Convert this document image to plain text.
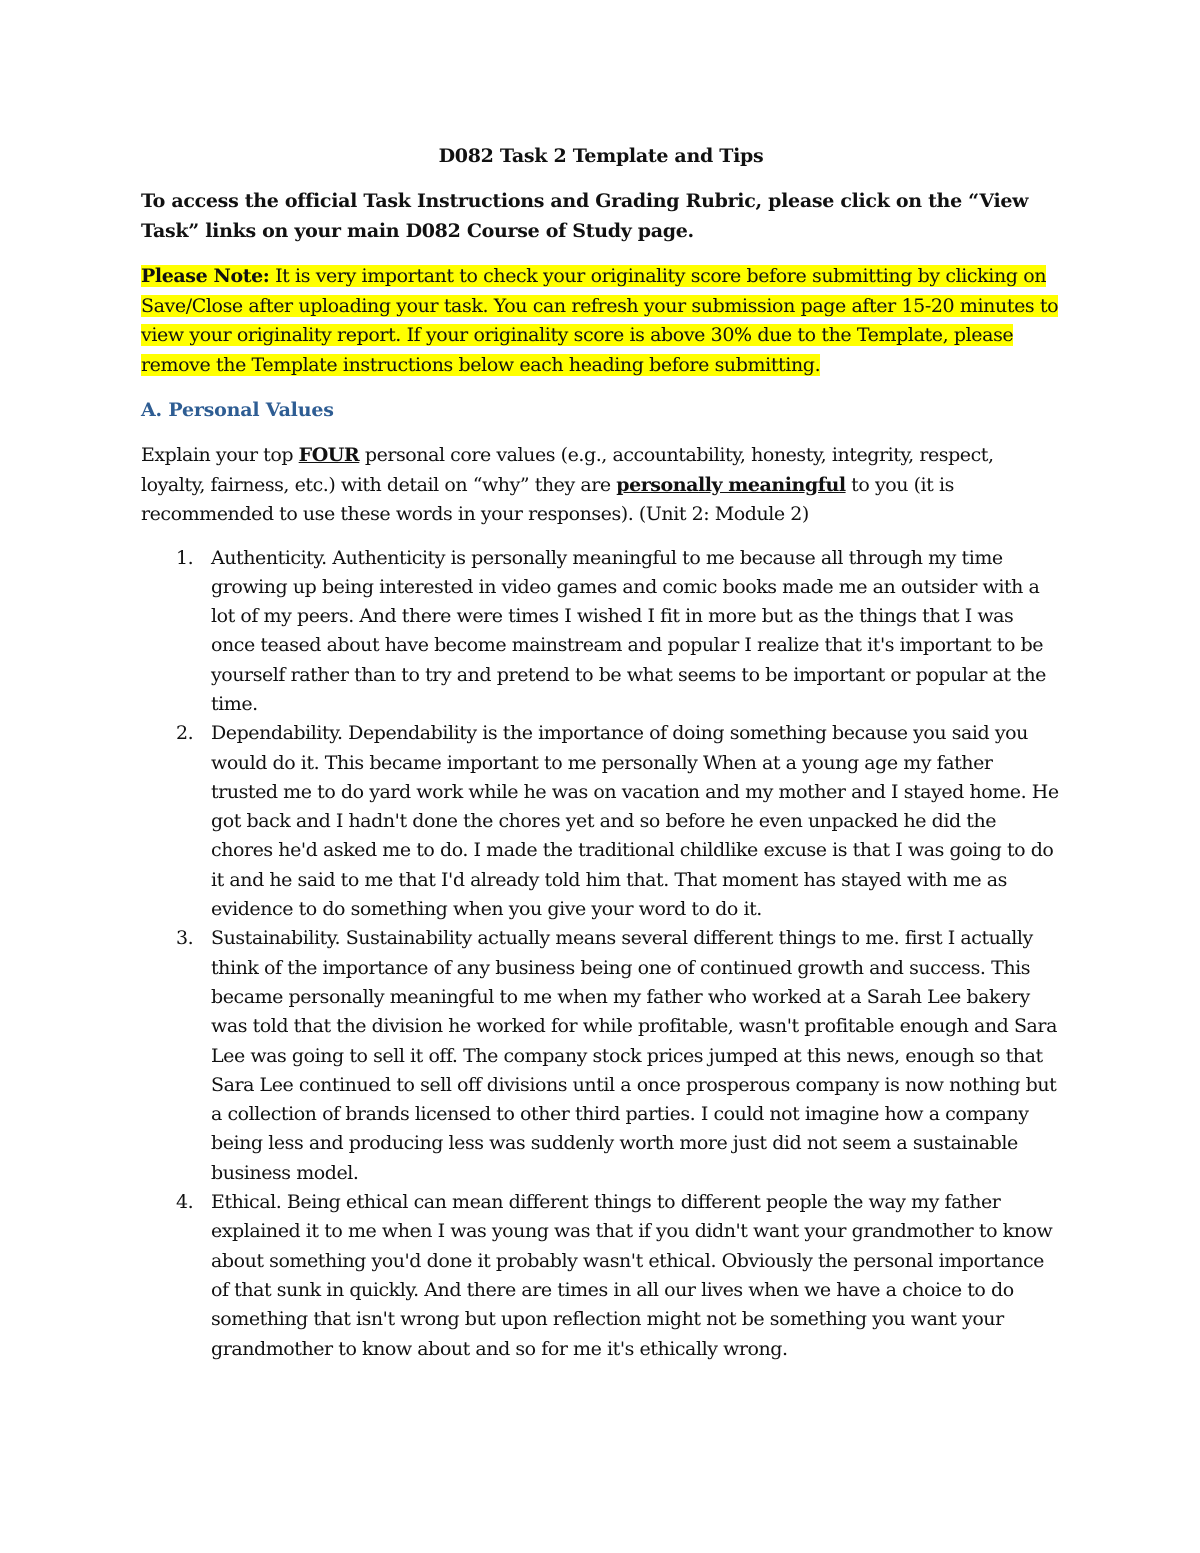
D082 Task 2 Template and Tips
To access the official Task Instructions and Grading Rubric, please click on the “View Task” links on your main D082 Course of Study page.
Please Note: It is very important to check your originality score before submitting by clicking on Save/Close after uploading your task. You can refresh your submission page after 15-20 minutes to view your originality report. If your originality score is above 30% due to the Template, please remove the Template instructions below each heading before submitting.
A. Personal Values
Explain your top FOUR personal core values (e.g., accountability, honesty, integrity, respect, loyalty, fairness, etc.) with detail on “why” they are personally meaningful to you (it is recommended to use these words in your responses). (Unit 2: Module 2)
1. Authenticity. Authenticity is personally meaningful to me because all through my time growing up being interested in video games and comic books made me an outsider with a lot of my peers. And there were times I wished I fit in more but as the things that I was once teased about have become mainstream and popular I realize that it's important to be yourself rather than to try and pretend to be what seems to be important or popular at the time.
2. Dependability. Dependability is the importance of doing something because you said you would do it. This became important to me personally When at a young age my father trusted me to do yard work while he was on vacation and my mother and I stayed home. He got back and I hadn't done the chores yet and so before he even unpacked he did the chores he'd asked me to do. I made the traditional childlike excuse is that I was going to do it and he said to me that I'd already told him that. That moment has stayed with me as evidence to do something when you give your word to do it.
3. Sustainability. Sustainability actually means several different things to me. first I actually think of the importance of any business being one of continued growth and success. This became personally meaningful to me when my father who worked at a Sarah Lee bakery was told that the division he worked for while profitable, wasn't profitable enough and Sara Lee was going to sell it off. The company stock prices jumped at this news, enough so that Sara Lee continued to sell off divisions until a once prosperous company is now nothing but a collection of brands licensed to other third parties. I could not imagine how a company being less and producing less was suddenly worth more just did not seem a sustainable business model.
4. Ethical. Being ethical can mean different things to different people the way my father explained it to me when I was young was that if you didn't want your grandmother to know about something you'd done it probably wasn't ethical. Obviously the personal importance of that sunk in quickly. And there are times in all our lives when we have a choice to do something that isn't wrong but upon reflection might not be something you want your grandmother to know about and so for me it's ethically wrong.
